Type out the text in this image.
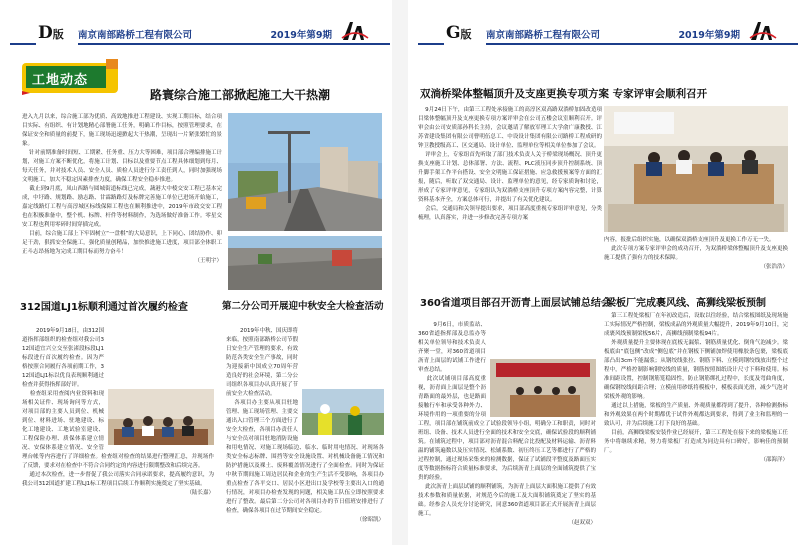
D版 南京南部路桥工程有限公司	2019年第9期
工地动态
路寰综合施工部掀起施工大干热潮
进入九月以来，综合施工部为优质、高效地推进工程建设、实现工期目标，结合项目实际、有组织、有计划地精心部署施工任务，明确工作目标，按照管理要求，在保证安全和质量的前提下，施工现场迅速掀起大干热潮，呈现出一片紧张繁忙的景象。
针对前期准备时间短、工期紧、任务重、压力大等困难，项目部合理编排施工计划，对施工方案不断优化，将施工计划、目标以及重要节点工程具体细划到每月、每天任务，并对技术人员、安全人员、质检人员进行分工责任到人，同时加强现场文明施工，加大不稳定因素排查力度，确保工程安全稳步推进。
截止到9月底，凤山西路与圆城街道标线已完成，蔬港大中棱交安工程已基本完成，中圩路、规划路、励志路、甘霖路路灯及标牌完善施工单位已进场开始施工，嘉定线路灯工程与高淳城区标线保障工程也在顺利推进中，2019年市政交安工程也在积极准备中，整个机、标牌、杆件等材料制作，为选场做好准备工作。零星交安工程也利用零碎时间穿插完成。
目前，综合施工部上下牢固树立“一盘棋”的大局意识，上下同心、团结协作、卯足干劲，狠抓安全保施工，强化质量创精品，加快推进施工进度，项目部全体职工正斗志昂扬地为完成工期目标而努力奋斗！
（王明宇）
312国道LJ1标顺利通过首次履约检查	第二分公司开展迎中秋安全大检查活动

2019年9月18日，由312国道指挥部组织的检查组对我公司312国道宜兴立交至张渚段标段LJ1标段进行首次履约检查。因为严格按照合同履行各项前期工作，312国道LJ1标以优良表现顺利通过检查并获得指挥部好评。
检查组采用查阅内业资料和现场相关证件、现场询问等方式，对项目部的主要人员到位、机械到位、材料进场、驻地建设、标化工地建设、工地试验室建设、工程保险办理、质保体系建立情况、安保体系建立情况、安全管理台帐等内容进行了详细检查。检查组对检查的结果进行整理汇总，并现场作了反馈，要求对在检查中不符合合同约定的内容进行限期整改和后续完善。
通过本次检查，进一步督促了我公司落实合同承诺要求，提高履约意识，为我公司312国道扩建工程LJ1标工程项目后续工作顺利实施奠定了坚实基础。
（陆长嘉）

2019年中秋、国庆即将来临，按照南部路桥公司节假日安全生产管理的要求，有效防范各类安全生产事故，同时为迎接新中国成立70周年营造良好的社会环境，第二分公司组织各项目办认真开展了节前安全大检查活动。
各项目办主要从项目驻地管理、施工现场管理、主要交通出入口管理三个方面进行了安全大检查，各项目办责任人与安全员对项目驻地消防设施和用电情况、对施工现场临边、临水、临时用电情况、对现场各类安全标志标牌、围挡等安全设施设置、对机械设备施工情况和防护措施以及裸土、废料覆盖情况进行了全面检查。同时为保证中秋节期间施工周边居民和企业的生产生活不受影响，各项目办重点检查了各平交口、居民小区进出口及学校等主要出入口的通行情况，对项目办检查发现的问题，相关施工队伍立即按照要求进行了整改。最后第二分公司对各项目办的节日值班安排进行了检查，确保各项目在过节期间安全稳定。
（徐昭凯）

G版 南京南部路桥工程有限公司	2019年第9期
双淌桥梁体整幅顶升及支座更换专项方案 专家评审会顺利召开
9月24日下午，由第三工程处承接施工的高淳区双高路双淌桥加固改造项目梁体整幅顶升及支座更换专项方案评审会在公司五楼会议室顺利召开。评审会由公司安质部孙科长主持，会议邀请了解放军理工大学俞广康教授、江苏省建设集团有限公司曹明伍总工、中设设计集团有限公司路桥工程成研的钟卫教授级高工、区交通局、设计单位、监理单位等相关单位参加了会议。
评审会上，专家组首先听取了部门技术负责人关于桥梁现场概况、顶升更换支座施工计划、总体部署、方法、流程、PLC液压同步顶升控制系统、顶升脚手架工作平台搭设、安全文明施工保证措施、应急救援预案等方面的汇报，随后，听取了双交通局、设计、监理单位的意见，经专家质询和讨论，形成了专家评审意见，专家组认为双淌桥支座顶升专项方案内容完整，计算资料基本齐全，方案总体可行，并提出了有关优化建议。
会后，交通局和关领导提出要求，项目部高度重视专家组评审意见，分类梳理，认真落实，并进一步修改完善专项方案
内容，报批后组织实施，以确保双淌桥支座顶升及更换工作万无一失。
此次专项方案专家评审会的成功召开，为双淌桥梁体整幅顶升及支座更换施工提供了强有力的技术保障。
（张浩浩）
360省道项目部召开沥青上面层试铺总结会
梁板厂完成裹风线、高狮线梁板预制

360省道沥青上面层试铺总结会

9月6日，市质监站、360省道指挥部及总监办等相关单位领导和技术负责人齐聚一堂，对360省道项目沥青上面层的试铺工作进行审查总结。
此次试铺项目部高度重视，沥青面上面层是整个沥青路面的最外层，也是路面接触行车和承受各种外力、环境作用的一项重要的分项工程，项目部在铺筑前成立了试验段领导小组，明确分工和职责，同时对班组、设备、技术人员进行全面的技术和安全交底，确保试验段的顺利铺筑。在铺筑过程中，项目部对沥青混合料配合比投配及材料运输、沥青料温的铺筑遍数以及压实情况、松铺系数、初压终压工艺等都进行了严格的过程控制，通过现场采集来的检测数据，保证了试铺段平整度及路面压实度等数据指标符合质量标准要求，为后续沥青上面层的全面铺筑提供了宝贵的经验。
此次沥青上面层试铺的顺利铺筑，为沥青上面层大面积施工提供了有效技术参数和质量依据，对规范今后的施工及大面积铺筑奠定了坚实的基础。经参会人员充分讨论研究，同意360省道项目部正式开展沥青上面层施工。
（赵双双）

第三工程处梁板厂在年初改造后，设取以往经验，结合梁板图纸及现场施工实际情况严格控制，梁板成品的外观质量大幅提升，2019年9月10日，完成裹风线预制梁板56片，高狮线预制梁板94片。
外观质量提升主要体现在底板无漏浆、钢筋质量优化、倒角气泡减少。梁板底由“底包侧”改成“侧包底”并在钢板下侧铺加焊使用橡胶条包裹，梁板底部凸出3cm不能漏浆；从钢绞线张拉、钢筋下料、立模到钢绞线放出整个过程中，严格控制影响钢绞线的质量，钢筋按照图纸设计尺寸下料和使用。标准间距设置，控制钢筋笼稳固性，防止钢筋绑扎过程中，长度及弯曲角度，确保钢绞线间距合理；立模前用砂纸将模板中，模板表面光滑，减少气泡对梁板外观的影响。
通过以上措施，梁板的生产质量、外观质量都得到了提升，各种检测指标和外观效果在两个时期都优于试件外观都达到要求，得到了业主和监理的一致认可，并为后续施工打下良好的基础。
目前，高狮线梁板安装作业已经展开，第三工程处在接下来的梁板施工任务中将继续求精，努力将梁板厂打造成为同边具有口碑好，影响佳的预制厂。
（邵海洋）
